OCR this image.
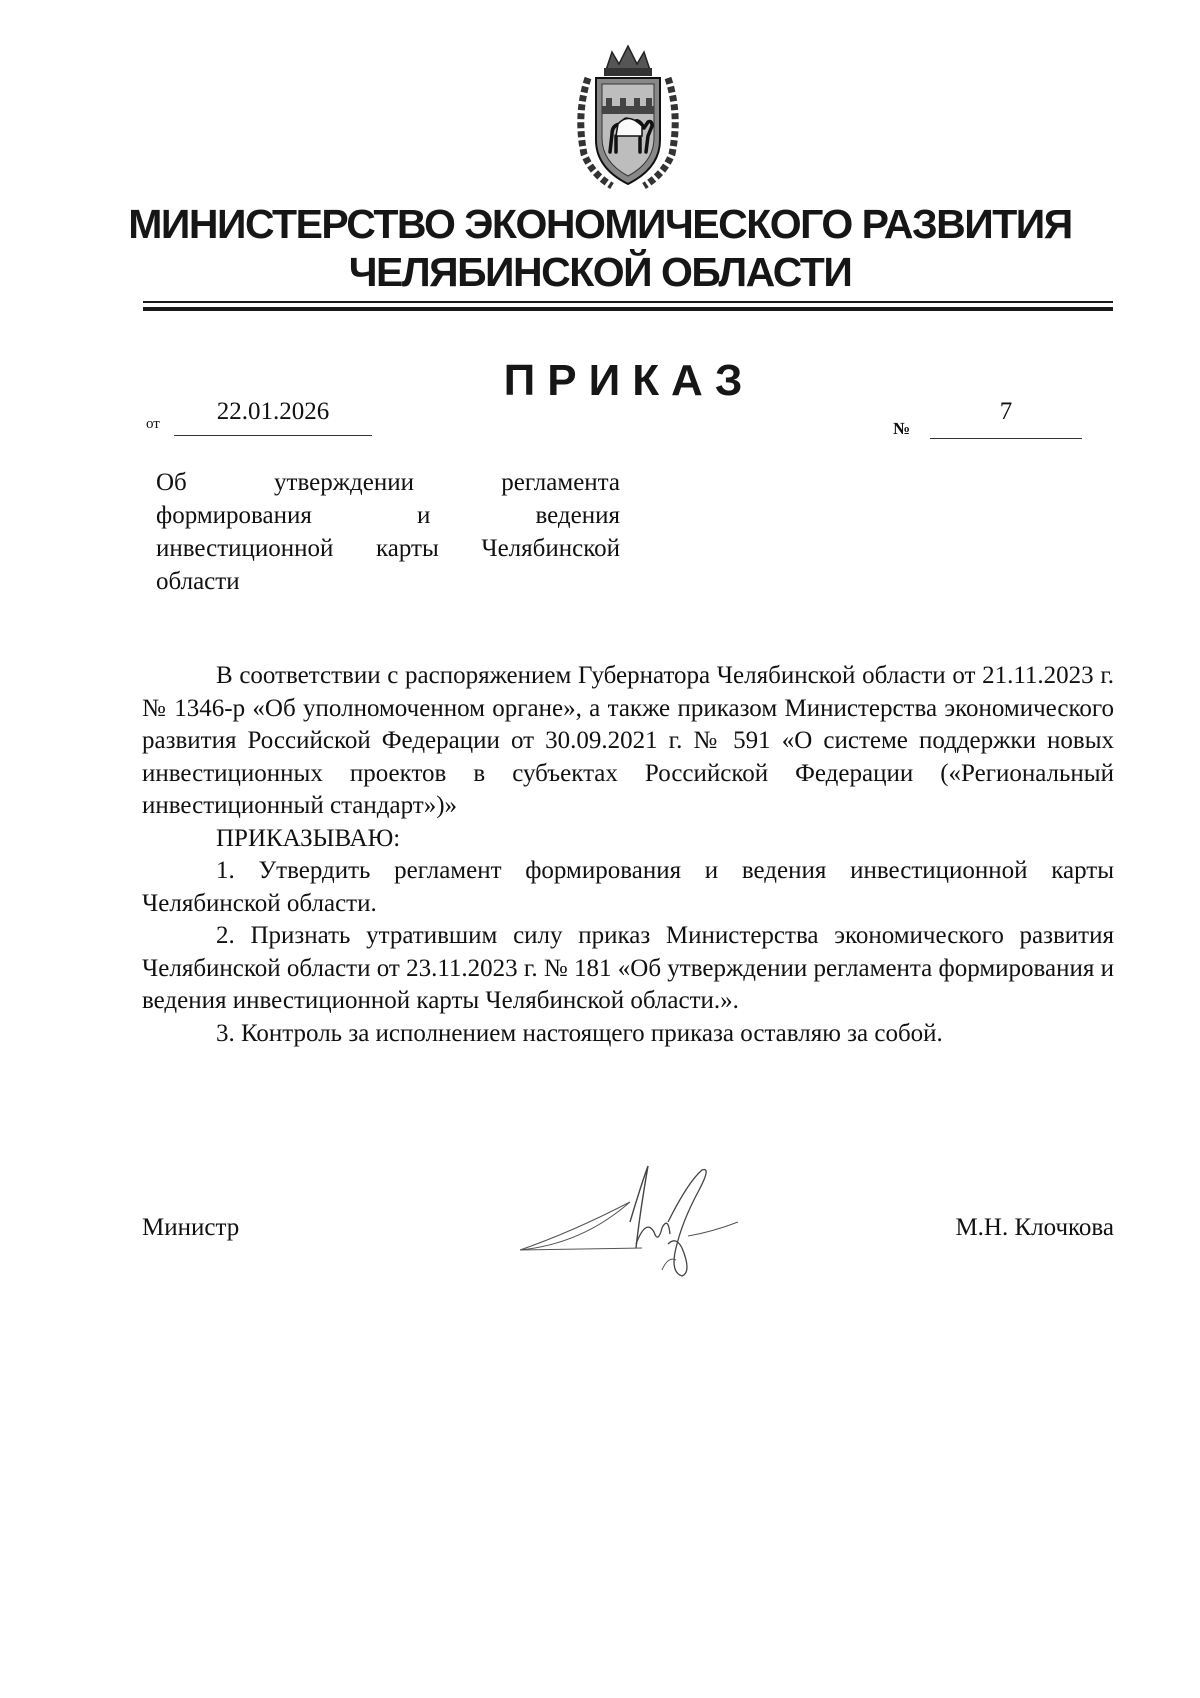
МИНИСТЕРСТВО ЭКОНОМИЧЕСКОГО РАЗВИТИЯ
ЧЕЛЯБИНСКОЙ ОБЛАСТИ
ПРИКАЗ
от	22.01.2026
№
7
Об утверждении регламента
формирования и ведения
инвестиционной карты Челябинской
области

В соответствии с распоряжением Губернатора Челябинской области от 21.11.2023 г. № 1346-р «Об уполномоченном органе», а также приказом Министерства экономического развития Российской Федерации от 30.09.2021 г. № 591 «О системе поддержки новых инвестиционных проектов в субъектах Российской Федерации («Региональный инвестиционный стандарт»)»

ПРИКАЗЫВАЮ:

1. Утвердить регламент формирования и ведения инвестиционной карты Челябинской области.

2. Признать утратившим силу приказ Министерства экономического развития Челябинской области от 23.11.2023 г. № 181 «Об утверждении регламента формирования и ведения инвестиционной карты Челябинской области.».

3. Контроль за исполнением настоящего приказа оставляю за собой.

Министр	М.Н. Клочкова
